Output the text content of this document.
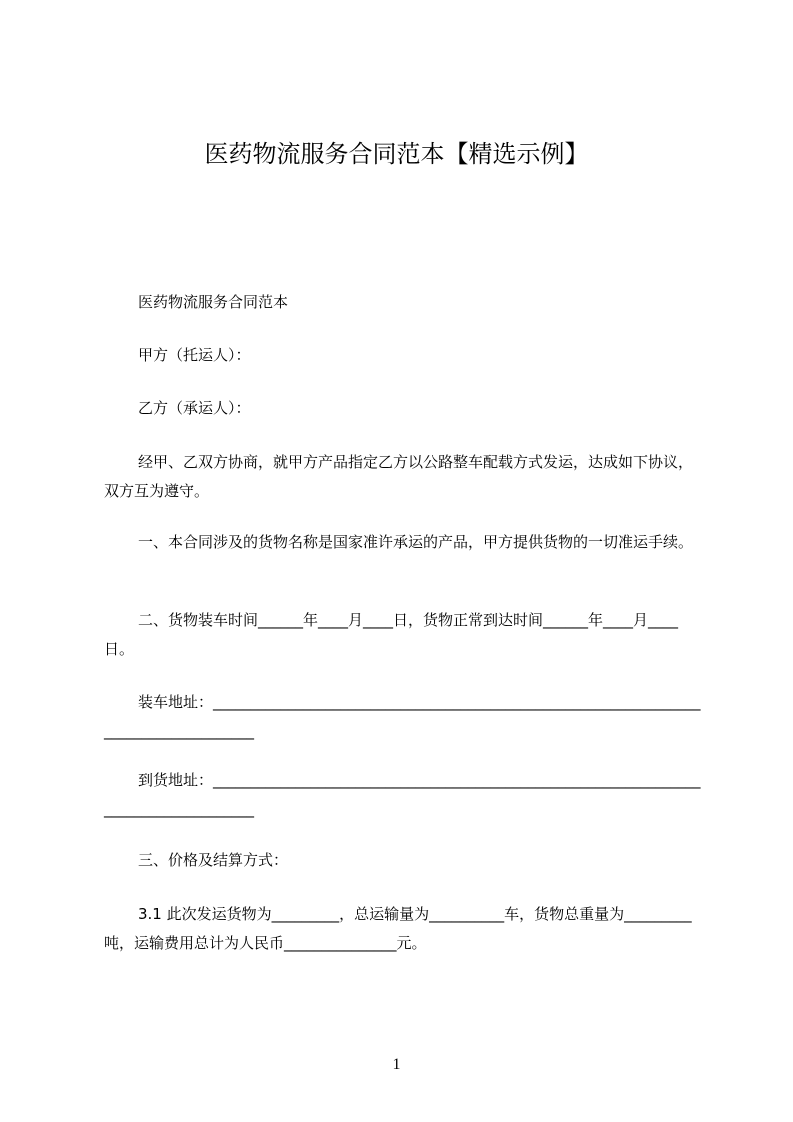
医药物流服务合同范本【精选示例】
医药物流服务合同范本
甲方（托运人）：
乙方（承运人）：
经甲、乙双方协商，就甲方产品指定乙方以公路整车配载方式发运，达成如下协议，双方互为遵守。
一、本合同涉及的货物名称是国家准许承运的产品，甲方提供货物的一切准运手续。
二、货物装车时间______年____月____日，货物正常到达时间______年____月____日。
装车地址：_____________________________________________________________________________________
到货地址：_____________________________________________________________________________________
三、价格及结算方式：
3.1 此次发运货物为_________，总运输量为__________车，货物总重量为_________吨，运输费用总计为人民币_______________元。
1
